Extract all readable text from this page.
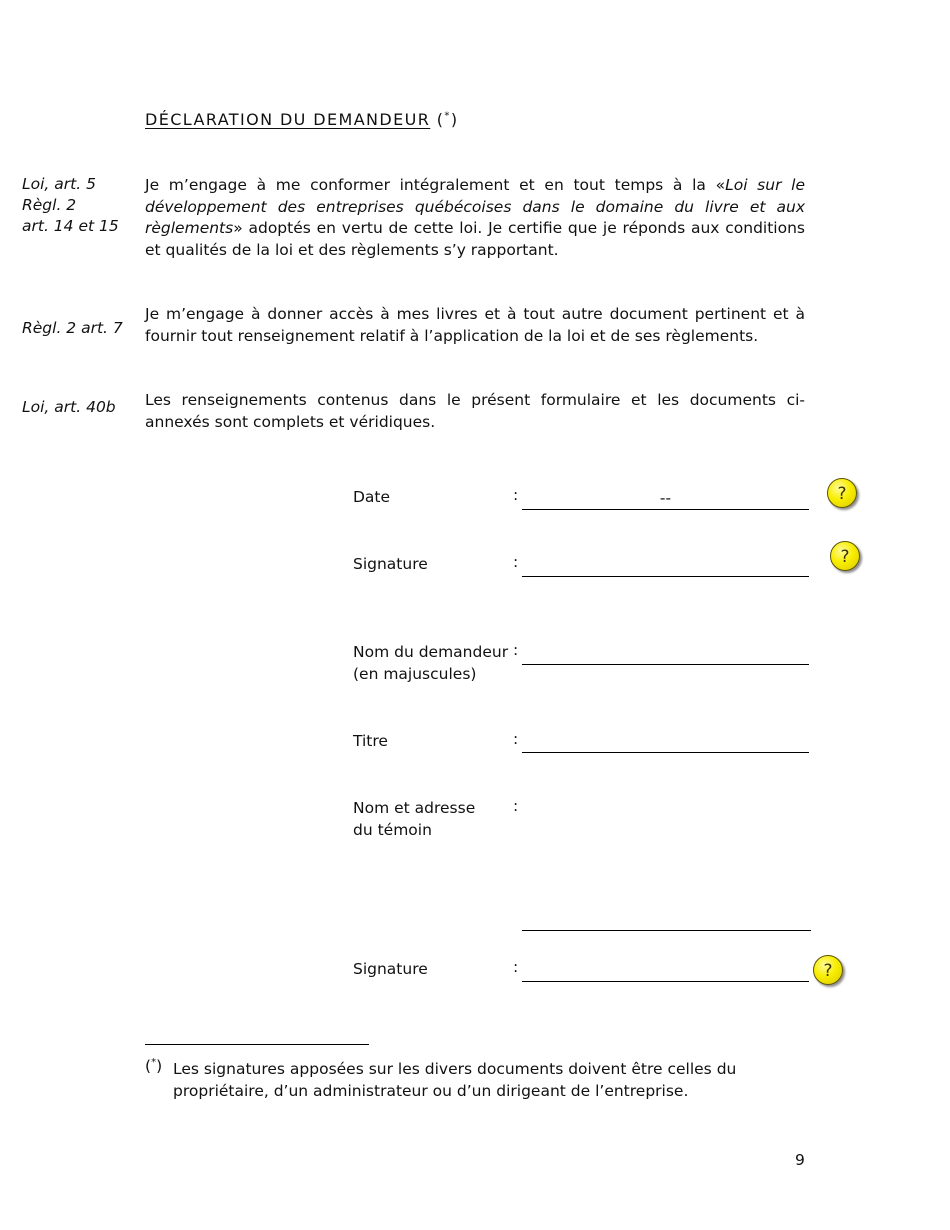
DÉCLARATION DU DEMANDEUR (*)
Loi, art. 5
Règl. 2
art. 14 et 15
Je m’engage à me conformer intégralement et en tout temps à la «Loi sur le développement des entreprises québécoises dans le domaine du livre et aux règlements» adoptés en vertu de cette loi. Je certifie que je réponds aux conditions et qualités de la loi et des règlements s’y rapportant.
Règl. 2 art. 7
Je m’engage à donner accès à mes livres et à tout autre document pertinent et à fournir tout renseignement relatif à l’application de la loi et de ses règlements.
Loi, art. 40b Les renseignements contenus dans le présent formulaire et les documents ci-annexés sont complets et véridiques.
Date	:	--	?
Signature	:	?
Nom du demandeur
(en majuscules)
:
Titre	:
Nom et adresse
du témoin
:
Signature	:	?
(*) Les signatures apposées sur les divers documents doivent être celles du propriétaire, d’un administrateur ou d’un dirigeant de l’entreprise.
9
